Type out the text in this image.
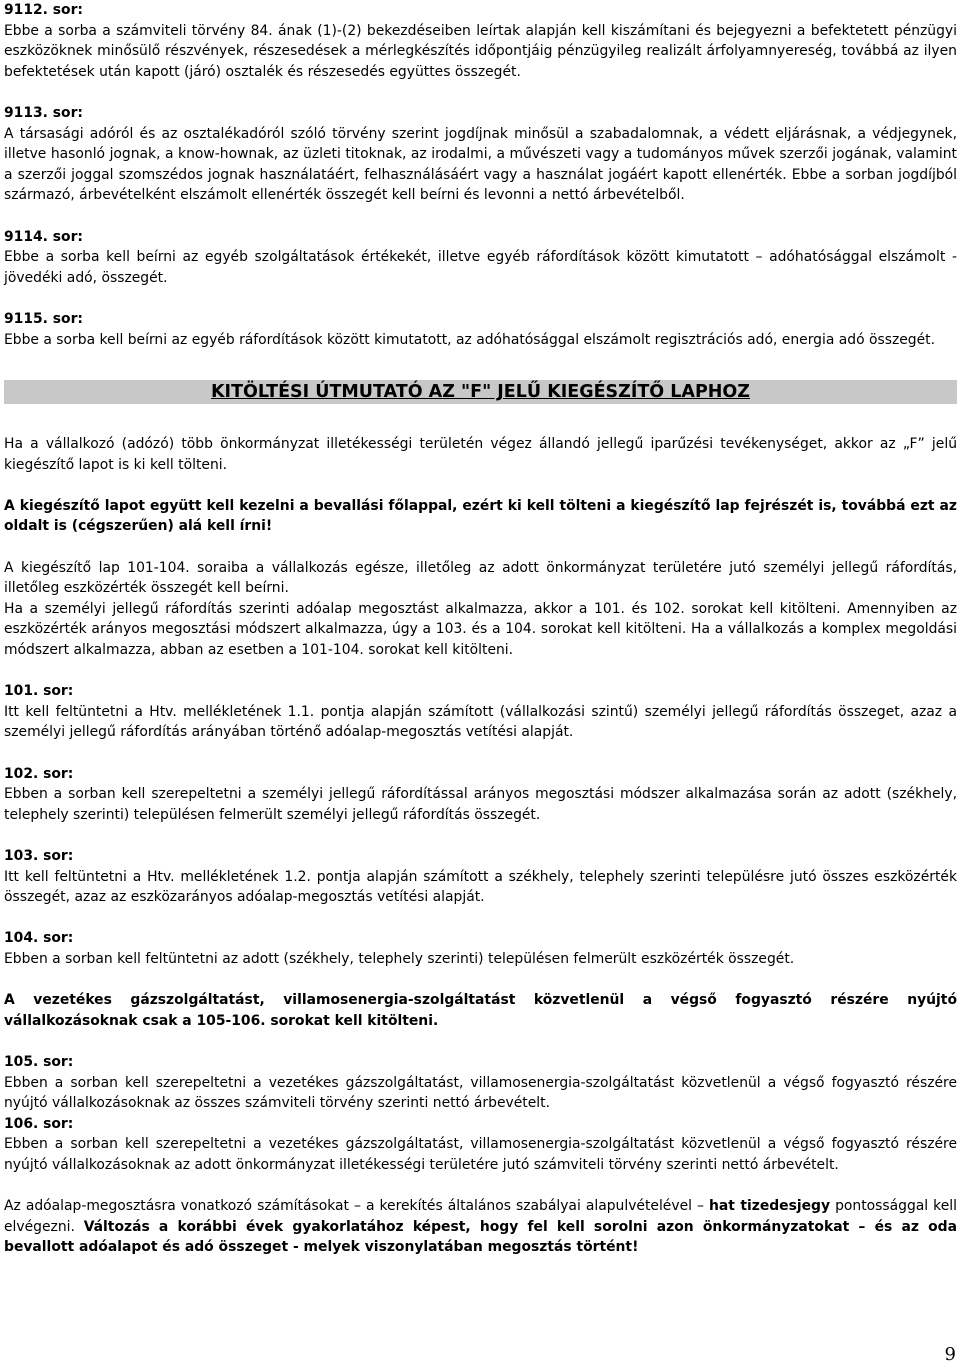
9112. sor:
Ebbe a sorba a számviteli törvény 84. ának (1)-(2) bekezdéseiben leírtak alapján kell kiszámítani és bejegyezni a befektetett pénzügyi eszközöknek minősülő részvények, részesedések a mérlegkészítés időpontjáig pénzügyileg realizált árfolyamnyereség, továbbá az ilyen befektetések után kapott (járó) osztalék és részesedés együttes összegét.

9113. sor:
A társasági adóról és az osztalékadóról szóló törvény szerint jogdíjnak minősül a szabadalomnak, a védett eljárásnak, a védjegynek, illetve hasonló jognak, a know-hownak, az üzleti titoknak, az irodalmi, a művészeti vagy a tudományos művek szerzői jogának, valamint a szerzői joggal szomszédos jognak használatáért, felhasználásáért vagy a használat jogáért kapott ellenérték. Ebbe a sorban jogdíjból származó, árbevételként elszámolt ellenérték összegét kell beírni és levonni a nettó árbevételből.

9114. sor:
Ebbe a sorba kell beírni az egyéb szolgáltatások értékekét, illetve egyéb ráfordítások között kimutatott – adóhatósággal elszámolt - jövedéki adó, összegét.

9115. sor:
Ebbe a sorba kell beírni az egyéb ráfordítások között kimutatott, az adóhatósággal elszámolt regisztrációs adó, energia adó összegét.

KITÖLTÉSI ÚTMUTATÓ AZ "F" JELŰ KIEGÉSZÍTŐ LAPHOZ

Ha a vállalkozó (adózó) több önkormányzat illetékességi területén végez állandó jellegű iparűzési tevékenységet, akkor az „F” jelű kiegészítő lapot is ki kell tölteni.

A kiegészítő lapot együtt kell kezelni a bevallási főlappal, ezért ki kell tölteni a kiegészítő lap fejrészét is, továbbá ezt az oldalt is (cégszerűen) alá kell írni!

A kiegészítő lap 101-104. soraiba a vállalkozás egésze, illetőleg az adott önkormányzat területére jutó személyi jellegű ráfordítás, illetőleg eszközérték összegét kell beírni.

Ha a személyi jellegű ráfordítás szerinti adóalap megosztást alkalmazza, akkor a 101. és 102. sorokat kell kitölteni. Amennyiben az eszközérték arányos megosztási módszert alkalmazza, úgy a 103. és a 104. sorokat kell kitölteni. Ha a vállalkozás a komplex megoldási módszert alkalmazza, abban az esetben a 101-104. sorokat kell kitölteni.

101. sor:
Itt kell feltüntetni a Htv. mellékletének 1.1. pontja alapján számított (vállalkozási szintű) személyi jellegű ráfordítás összeget, azaz a személyi jellegű ráfordítás arányában történő adóalap-megosztás vetítési alapját.

102. sor:
Ebben a sorban kell szerepeltetni a személyi jellegű ráfordítással arányos megosztási módszer alkalmazása során az adott (székhely, telephely szerinti) településen felmerült személyi jellegű ráfordítás összegét.

103. sor:
Itt kell feltüntetni a Htv. mellékletének 1.2. pontja alapján számított a székhely, telephely szerinti településre jutó összes eszközérték összegét, azaz az eszközarányos adóalap-megosztás vetítési alapját.

104. sor:
Ebben a sorban kell feltüntetni az adott (székhely, telephely szerinti) településen felmerült eszközérték összegét.

A vezetékes gázszolgáltatást, villamosenergia-szolgáltatást közvetlenül a végső fogyasztó részére nyújtó vállalkozásoknak csak a 105-106. sorokat kell kitölteni.

105. sor:
Ebben a sorban kell szerepeltetni a vezetékes gázszolgáltatást, villamosenergia-szolgáltatást közvetlenül a végső fogyasztó részére nyújtó vállalkozásoknak az összes számviteli törvény szerinti nettó árbevételt.

106. sor:
Ebben a sorban kell szerepeltetni a vezetékes gázszolgáltatást, villamosenergia-szolgáltatást közvetlenül a végső fogyasztó részére nyújtó vállalkozásoknak az adott önkormányzat illetékességi területére jutó számviteli törvény szerinti nettó árbevételt.

Az adóalap-megosztásra vonatkozó számításokat – a kerekítés általános szabályai alapulvételével – hat tizedesjegy pontossággal kell elvégezni. Változás a korábbi évek gyakorlatához képest, hogy fel kell sorolni azon önkormányzatokat – és az oda bevallott adóalapot és adó összeget - melyek viszonylatában megosztás történt!

9
